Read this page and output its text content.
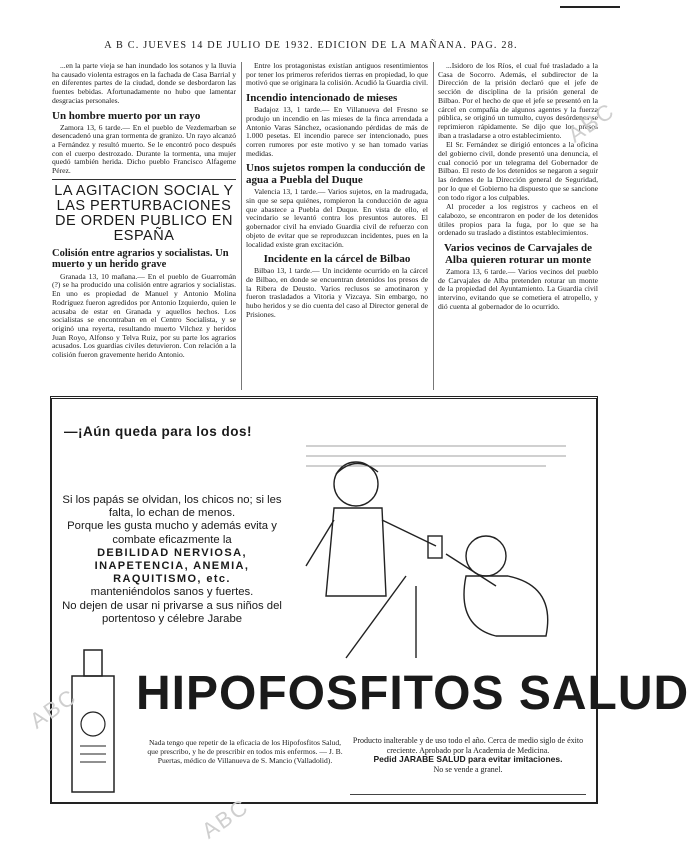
A B C. JUEVES 14 DE JULIO DE 1932. EDICION DE LA MAÑANA. PAG. 28.

...en la parte vieja se han inundado los sotanos y la lluvia ha causado violenta estragos en la fachada de Casa Barrial y en diferentes partes de la ciudad, donde se desbordaron las fuentes bebidas. Afortunadamente no hubo que lamentar desgracias personales.

Un hombre muerto por un rayo

Zamora 13, 6 tarde.— En el pueblo de Vezdemarban se desencadenó una gran tormenta de granizo. Un rayo alcanzó a Fernández y resultó muerto. Se le encontró poco después con el cuerpo destrozado. Durante la tormenta, una mujer quedó también herida. Dicho pueblo Francisco Alfageme Pérez.

LA AGITACION SOCIAL Y LAS PERTURBACIONES DE ORDEN PUBLICO EN ESPAÑA
Colisión entre agrarios y socialistas. Un muerto y un herido grave

Granada 13, 10 mañana.— En el pueblo de Guarromán (?) se ha producido una colisión entre agrarios y socialistas. En uno es propiedad de Manuel y Antonio Molina Rodríguez fueron agredidos por Antonio Izquierdo, quien le acusaba de estar en Granada y aquellos hechos. Los socialistas se encontraban en el Centro Socialista, y se originó una reyerta, resultando muerto Vilchez y heridos Juan Royo, Alfonso y Telva Ruiz, por su parte los agrarios acusados. Los guardias civiles detuvieron. Con relación a la colisión fueron gravemente herido Antonio.

Entre los protagonistas existían antiguos resentimientos por tener los primeros referidos tierras en propiedad, lo que motivó que se originara la colisión. Acudió la Guardia civil.

Incendio intencionado de mieses

Badajoz 13, 1 tarde.— En Villanueva del Fresno se produjo un incendio en las mieses de la finca arrendada a Antonio Varas Sánchez, ocasionando pérdidas de más de 1.000 pesetas. El incendio parece ser intencionado, pues corren rumores por este motivo y se han tomado varias medidas.

Unos sujetos rompen la conducción de agua a Puebla del Duque

Valencia 13, 1 tarde.— Varios sujetos, en la madrugada, sin que se sepa quiénes, rompieron la conducción de agua que abastece a Puebla del Duque. En vista de ello, el vecindario se levantó contra los presuntos autores. El gobernador civil ha enviado Guardia civil de refuerzo con objeto de evitar que se reproduzcan incidentes, pues en la localidad existe gran excitación.

Incidente en la cárcel de Bilbao

Bilbao 13, 1 tarde.— Un incidente ocurrido en la cárcel de Bilbao, en donde se encuentran detenidos los presos de la Ribera de Deusto. Varios reclusos se amotinaron y fueron trasladados a Vitoria y Vizcaya. Sin embargo, no hubo heridos y se dio cuenta del caso al Director general de Prisiones.

...Isidoro de los Ríos, el cual fué trasladado a la Casa de Socorro. Además, el subdirector de la Dirección de la prisión declaró que el jefe de sección de disciplina de la prisión general de Bilbao. Por el hecho de que el jefe se presentó en la cárcel en compañía de algunos agentes y la fuerza pública, se originó un tumulto, cuyos desórdenes se reprimieron rápidamente. Se dijo que los presos iban a trasladarse a otro establecimiento.

El Sr. Fernández se dirigió entonces a la oficina del gobierno civil, donde presentó una denuncia, el cual conoció por un telegrama del Gobernador de Bilbao. El resto de los detenidos se negaron a seguir las órdenes de la Dirección general de Seguridad, por lo que el Gobierno ha dispuesto que se sancione con todo rigor a los culpables.

Al proceder a los registros y cacheos en el calabozo, se encontraron en poder de los detenidos útiles propios para la fuga, por lo que se ha ordenado su traslado a distintos establecimientos.

Varios vecinos de Carvajales de Alba quieren roturar un monte

Zamora 13, 6 tarde.— Varios vecinos del pueblo de Carvajales de Alba pretenden roturar un monte de la propiedad del Ayuntamiento. La Guardia civil intervino, evitando que se cometiera el atropello, y dió cuenta al gobernador de lo ocurrido.

—¡Aún queda para los dos!
Si los papás se olvidan, los chicos no; si les falta, lo echan de menos.
Porque les gusta mucho y además evita y combate eficazmente la
DEBILIDAD NERVIOSA,
INAPETENCIA, ANEMIA,
RAQUITISMO, etc.
manteniéndolos sanos y fuertes.
No dejen de usar ni privarse a sus niños del portentoso y célebre Jarabe
HIPOFOSFITOS SALUD
Nada tengo que repetir de la eficacia de los Hipofosfitos Salud, que prescribo, y he de prescribir en todos mis enfermos. — J. B. Puertas, médico de Villanueva de S. Mancio (Valladolid).
Producto inalterable y de uso todo el año. Cerca de medio siglo de éxito creciente. Aprobado por la Academia de Medicina.
Pedid JARABE SALUD para evitar imitaciones.
No se vende a granel.
ABC
ABC
ABC
